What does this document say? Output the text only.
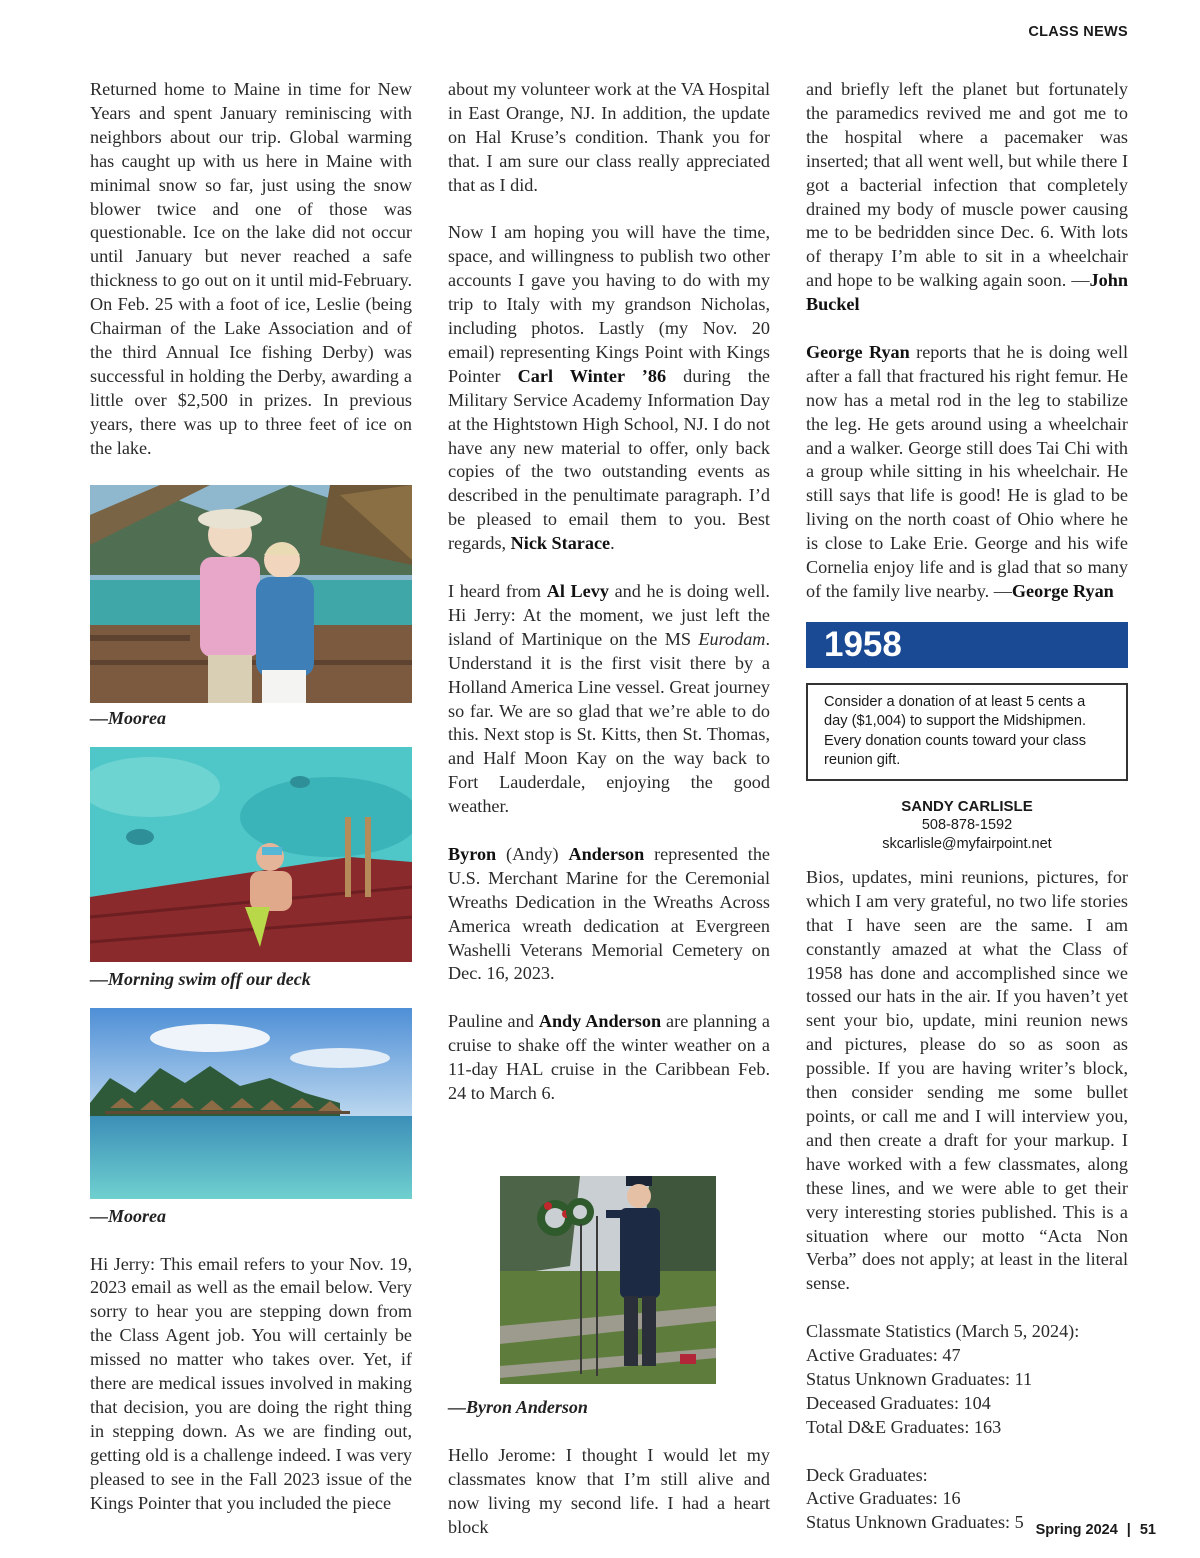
CLASS NEWS

Returned home to Maine in time for New Years and spent January reminiscing with neighbors about our trip. Global warming has caught up with us here in Maine with minimal snow so far, just using the snow blower twice and one of those was questionable. Ice on the lake did not occur until January but never reached a safe thickness to go out on it until mid-February. On Feb. 25 with a foot of ice, Leslie (being Chairman of the Lake Association and of the third Annual Ice fishing Derby) was successful in holding the Derby, awarding a little over $2,500 in prizes. In previous years, there was up to three feet of ice on the lake.

—Moorea

—Morning swim off our deck

—Moorea

Hi Jerry: This email refers to your Nov. 19, 2023 email as well as the email below. Very sorry to hear you are stepping down from the Class Agent job. You will certainly be missed no matter who takes over. Yet, if there are medical issues involved in making that decision, you are doing the right thing in stepping down. As we are finding out, getting old is a challenge indeed. I was very pleased to see in the Fall 2023 issue of the Kings Pointer that you included the piece

about my volunteer work at the VA Hospital in East Orange, NJ. In addition, the update on Hal Kruse’s condition. Thank you for that. I am sure our class really appreciated that as I did.

Now I am hoping you will have the time, space, and willingness to publish two other accounts I gave you having to do with my trip to Italy with my grandson Nicholas, including photos. Lastly (my Nov. 20 email) representing Kings Point with Kings Pointer Carl Winter ’86 during the Military Service Academy Information Day at the Hightstown High School, NJ. I do not have any new material to offer, only back copies of the two outstanding events as described in the penultimate paragraph. I’d be pleased to email them to you. Best regards, Nick Starace.

I heard from Al Levy and he is doing well. Hi Jerry: At the moment, we just left the island of Martinique on the MS Eurodam. Understand it is the first visit there by a Holland America Line vessel. Great journey so far. We are so glad that we’re able to do this. Next stop is St. Kitts, then St. Thomas, and Half Moon Kay on the way back to Fort Lauderdale, enjoying the good weather.

Byron (Andy) Anderson represented the U.S. Merchant Marine for the Ceremonial Wreaths Dedication in the Wreaths Across America wreath dedication at Evergreen Washelli Veterans Memorial Cemetery on Dec. 16, 2023.

Pauline and Andy Anderson are planning a cruise to shake off the winter weather on a 11-day HAL cruise in the Caribbean Feb. 24 to March 6.

—Byron Anderson

Hello Jerome: I thought I would let my classmates know that I’m still alive and now living my second life. I had a heart block

and briefly left the planet but fortunately the paramedics revived me and got me to the hospital where a pacemaker was inserted; that all went well, but while there I got a bacterial infection that completely drained my body of muscle power causing me to be bedridden since Dec. 6. With lots of therapy I’m able to sit in a wheelchair and hope to be walking again soon. —John Buckel

George Ryan reports that he is doing well after a fall that fractured his right femur. He now has a metal rod in the leg to stabilize the leg. He gets around using a wheelchair and a walker. George still does Tai Chi with a group while sitting in his wheelchair. He still says that life is good! He is glad to be living on the north coast of Ohio where he is close to Lake Erie. George and his wife Cornelia enjoy life and is glad that so many of the family live nearby. —George Ryan

1958
Consider a donation of at least 5 cents a day ($1,004) to support the Midshipmen. Every donation counts toward your class reunion gift.
SANDY CARLISLE
508-878-1592
skcarlisle@myfairpoint.net

Bios, updates, mini reunions, pictures, for which I am very grateful, no two life stories that I have seen are the same. I am constantly amazed at what the Class of 1958 has done and accomplished since we tossed our hats in the air. If you haven’t yet sent your bio, update, mini reunion news and pictures, please do so as soon as possible. If you are having writer’s block, then consider sending me some bullet points, or call me and I will interview you, and then create a draft for your markup. I have worked with a few classmates, along these lines, and we were able to get their very interesting stories published. This is a situation where our motto “Acta Non Verba” does not apply; at least in the literal sense.

Classmate Statistics (March 5, 2024):

Active Graduates: 47

Status Unknown Graduates: 11

Deceased Graduates: 104

Total D&E Graduates: 163

Deck Graduates:

Active Graduates: 16

Status Unknown Graduates: 5 Spring 2024 | 51
